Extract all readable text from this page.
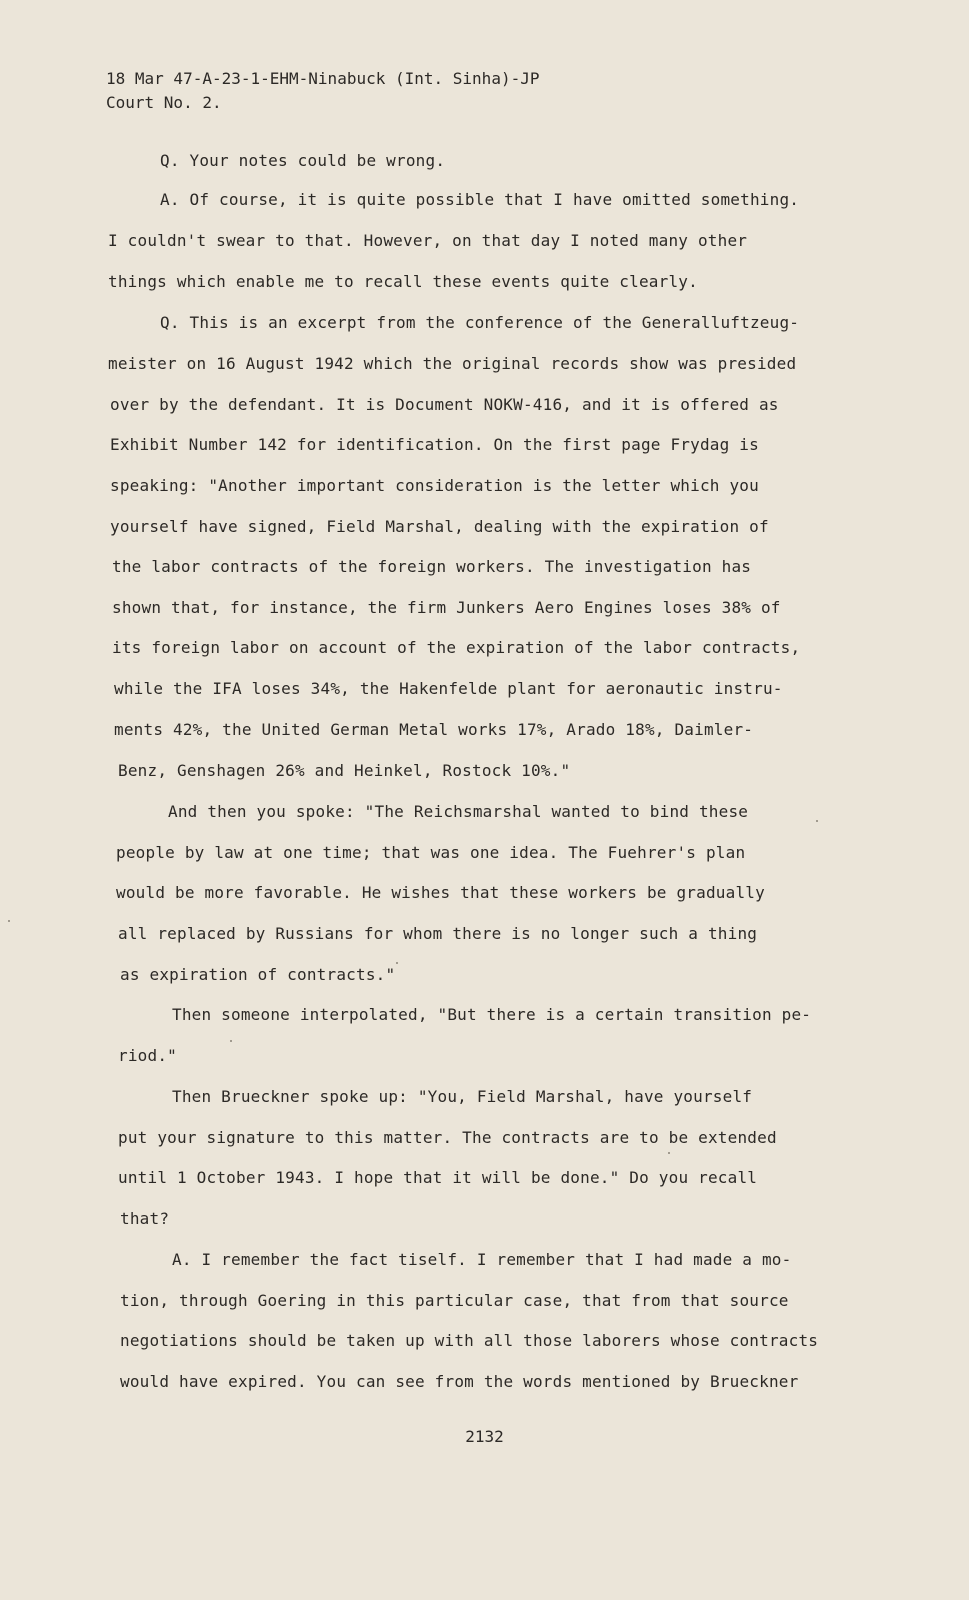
18 Mar 47-A-23-1-EHM-Ninabuck (Int. Sinha)-JP
Court No. 2.
Q. Your notes could be wrong.
A. Of course, it is quite possible that I have omitted something.
I couldn't swear to that. However, on that day I noted many other
things which enable me to recall these events quite clearly.
Q. This is an excerpt from the conference of the Generalluftzeug-
meister on 16 August 1942 which the original records show was presided
over by the defendant. It is Document NOKW-416, and it is offered as
Exhibit Number 142 for identification. On the first page Frydag is
speaking: "Another important consideration is the letter which you
yourself have signed, Field Marshal, dealing with the expiration of
the labor contracts of the foreign workers. The investigation has
shown that, for instance, the firm Junkers Aero Engines loses 38% of
its foreign labor on account of the expiration of the labor contracts,
while the IFA loses 34%, the Hakenfelde plant for aeronautic instru-
ments 42%, the United German Metal works 17%, Arado 18%, Daimler-
Benz, Genshagen 26% and Heinkel, Rostock 10%."
And then you spoke: "The Reichsmarshal wanted to bind these
people by law at one time; that was one idea. The Fuehrer's plan
would be more favorable. He wishes that these workers be gradually
all replaced by Russians for whom there is no longer such a thing
as expiration of contracts."
Then someone interpolated, "But there is a certain transition pe-
riod."
Then Brueckner spoke up: "You, Field Marshal, have yourself
put your signature to this matter. The contracts are to be extended
until 1 October 1943. I hope that it will be done." Do you recall
that?
A. I remember the fact tiself. I remember that I had made a mo-
tion, through Goering in this particular case, that from that source
negotiations should be taken up with all those laborers whose contracts
would have expired. You can see from the words mentioned by Brueckner
2132
